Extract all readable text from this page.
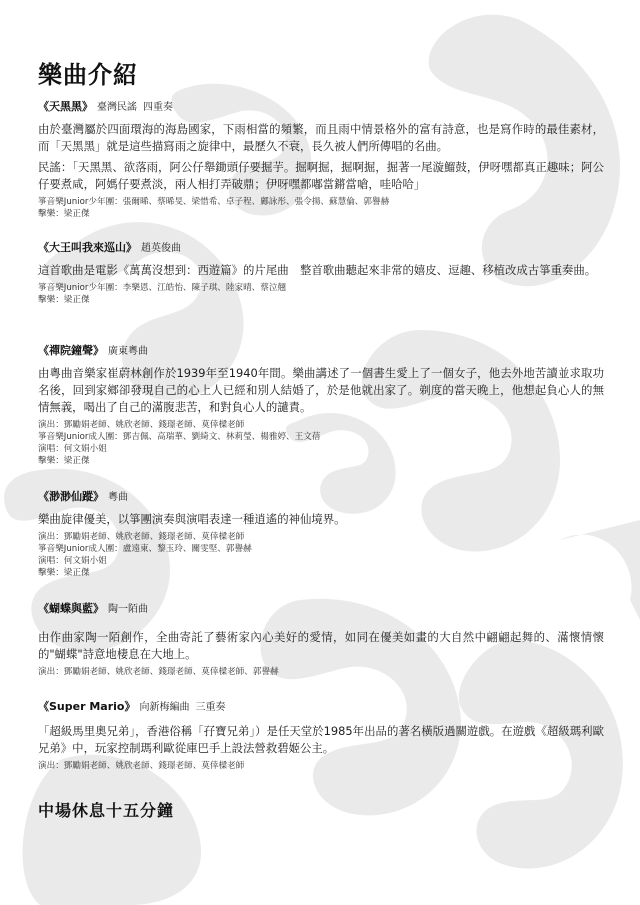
樂曲介紹
《天黑黑》 臺灣民謠 四重奏
由於臺灣屬於四面環海的海島國家，下雨相當的頻繁，而且雨中情景格外的富有詩意，也是寫作時的最佳素材，而「天黑黑」就是這些描寫雨之旋律中，最歷久不衰，長久被人們所傳唱的名曲。
民謠：「天黑黑、欲落雨，阿公仔舉鋤頭仔要掘芋。掘啊掘，掘啊掘，掘著一尾漩鰡鼓，伊呀嘿都真正趣味；阿公仔要煮咸，阿媽仔要煮淡，兩人相打弄破鼎；伊呀嘿都嘟當鏘當嗆，哇哈哈」
箏音樂Junior少年團：張爾晞、蔡晞旻、梁惜希、卓子程、鄺詠彤、張令揚、蘇慧倫、郭譽赫
擊樂：梁正傑
《大王叫我來巡山》 趙英俊曲
這首歌曲是電影《萬萬沒想到：西遊篇》的片尾曲　整首歌曲聽起來非常的嬉皮、逗趣、移植改成古箏重奏曲。
箏音樂Junior少年團：李樂恩、江皓怡、陳子琪、陸家晴、蔡泣翹
擊樂：梁正傑
《禪院鐘聲》 廣東粵曲
由粵曲音樂家崔蔚林創作於1939年至1940年間。樂曲講述了一個書生愛上了一個女子，他去外地苦讀並求取功名後，回到家鄉卻發現自己的心上人已經和別人結婚了，於是他就出家了。剃度的當天晚上，他想起負心人的無情無義，喝出了自己的滿腹悲苦，和對負心人的譴責。
演出：鄧勵娟老師、姚欣老師、錢璟老師、莫倖樑老師
箏音樂Junior成人團：鄧吉佩、高瑞華、劉綺文、林莉瑩、楊雅婷、王文蓓
演唱：何文娟小姐
擊樂：梁正傑
《渺渺仙蹤》 粵曲
樂曲旋律優美，以箏團演奏與演唱表達一種逍遙的神仙境界。
演出：鄧勵娟老師、姚欣老師、錢璟老師、莫倖樑老師
箏音樂Junior成人團：盧遠東、黎玉玲、關雯堅、郭譽赫
演唱：何文娟小姐
擊樂：梁正傑
《蝴蝶與藍》 陶一陌曲
由作曲家陶一陌創作，全曲寄託了藝術家內心美好的愛情，如同在優美如畫的大自然中翩翩起舞的、滿懷情懷的"蝴蝶"詩意地棲息在大地上。
演出：鄧勵娟老師、姚欣老師、錢璟老師、莫倖樑老師、郭譽赫
《Super Mario》 向新梅編曲 三重奏
「超級馬里奧兄弟」，香港俗稱「孖寶兄弟」）是任天堂於1985年出品的著名橫版過關遊戲。在遊戲《超級瑪利歐兄弟》中，玩家控制瑪利歐從庫巴手上設法營救碧姬公主。
演出：鄧勵娟老師、姚欣老師、錢璟老師、莫倖樑老師
中場休息十五分鐘
